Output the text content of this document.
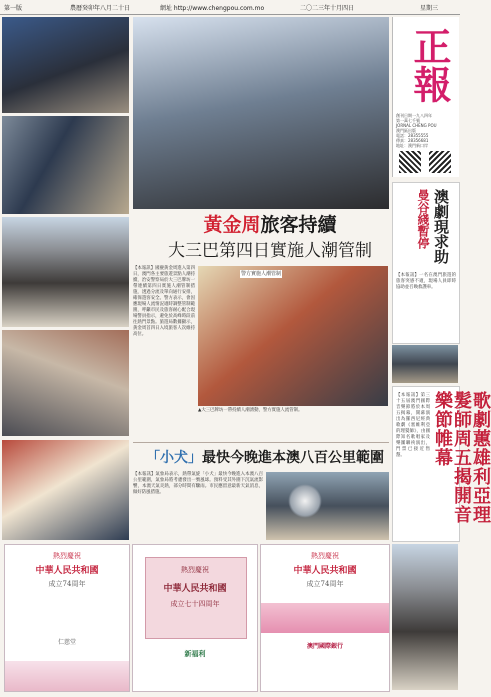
第一版	農曆癸卯年八月二十日	網址 http://www.chengpou.com.mo	二〇二三年十月四日	星期三
正報
創刊日期一九八四年
第一萬七千號
JORNAL CHENG POU
澳門區出版
電話：28355555
傳真：28356681
地址：澳門新口岸
澳劇現求助
曼谷綫暫停
【本報訊】一名在澳門旅遊的旅客突感不適，現場人員即時協助並召喚救護車。
黃金周旅客持續
大三巴第四日實施人潮管制
【本報訊】國慶黃金周進入第四日，澳門各主要旅遊景點人潮持續，治安警察局於大三巴牌坊一帶連續第四日實施人潮管制措施，透過分流及單向通行安排，確保遊客安全。警方表示，會因應現場人流情況適時調整管制範圍，呼籲市民及旅客耐心配合現場警員指示，避免於高峰時段前往熱門景點。旅遊局數據顯示，黃金周首四日入境旅客人次維持高位。
警方實施人潮管制
▲大三巴牌坊一帶持續人潮湧動，警方實施人流管制。
「小犬」最快今晚進本澳八百公里範圍
【本報訊】氣象局表示，熱帶氣旋「小犬」最快今晚進入本澳八百公里範圍，氣象局將考慮發出一號風球。預料受其外圍下沉氣流影響，本澳天氣炎熱，部分時間有驟雨。市民應留意最新天氣消息，做好防風措施。	歌劇蕙雄利亞理髮師周五揭開音樂節帷幕
【本報訊】第三十五屆澳門國際音樂節將於本周五揭幕，開幕演出為羅西尼經典歌劇《塞維利亞的理髮師》，由國際知名歌唱家及樂團聯袂演出，門票已接近售罄。
熱烈慶祝
中華人民共和國
成立74周年
仁慈堂
熱烈慶祝
中華人民共和國
成立七十四周年
新福利
熱烈慶祝
中華人民共和國
成立74周年
澳門國際銀行
